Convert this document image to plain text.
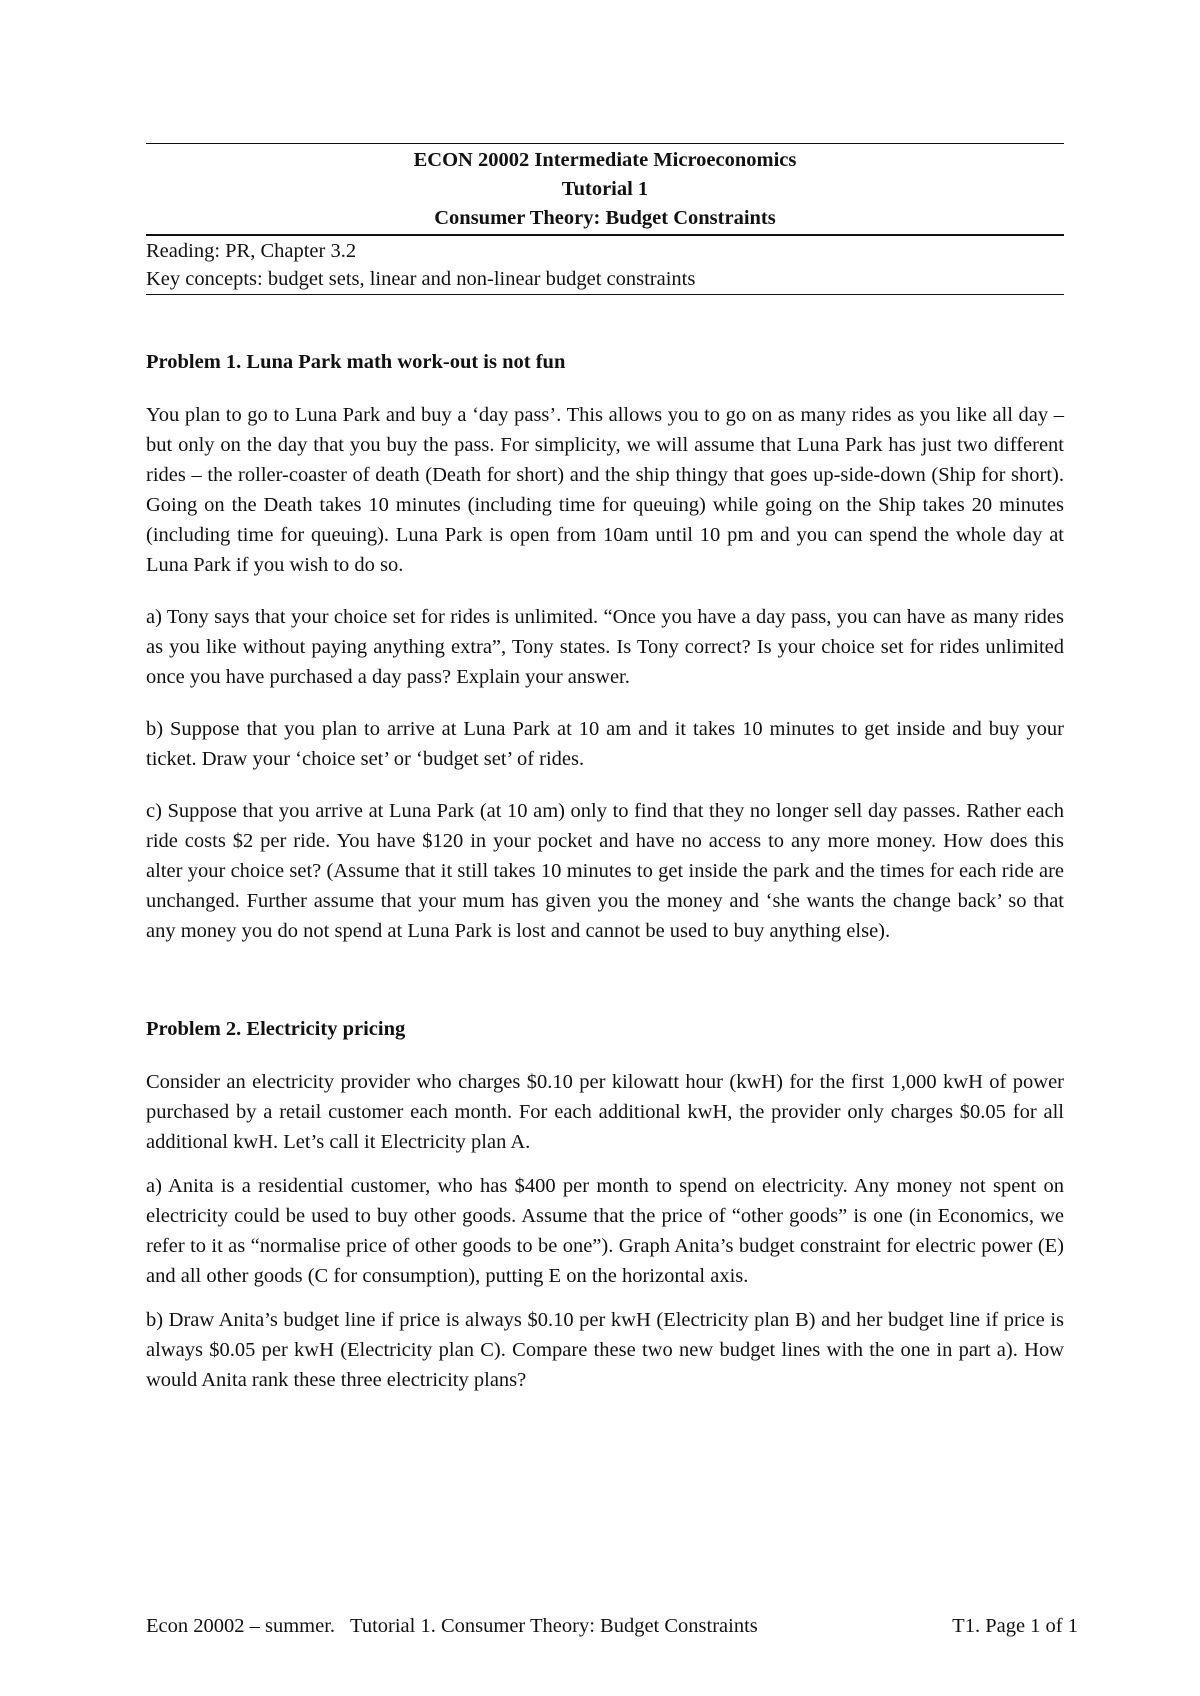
ECON 20002 Intermediate Microeconomics
Tutorial 1
Consumer Theory: Budget Constraints
Reading: PR, Chapter 3.2
Key concepts: budget sets, linear and non-linear budget constraints
Problem 1. Luna Park math work-out is not fun

You plan to go to Luna Park and buy a ‘day pass’. This allows you to go on as many rides as you like all day – but only on the day that you buy the pass. For simplicity, we will assume that Luna Park has just two different rides – the roller-coaster of death (Death for short) and the ship thingy that goes up-side-down (Ship for short). Going on the Death takes 10 minutes (including time for queuing) while going on the Ship takes 20 minutes (including time for queuing). Luna Park is open from 10am until 10 pm and you can spend the whole day at Luna Park if you wish to do so.

a) Tony says that your choice set for rides is unlimited. “Once you have a day pass, you can have as many rides as you like without paying anything extra”, Tony states. Is Tony correct? Is your choice set for rides unlimited once you have purchased a day pass? Explain your answer.

b) Suppose that you plan to arrive at Luna Park at 10 am and it takes 10 minutes to get inside and buy your ticket. Draw your ‘choice set’ or ‘budget set’ of rides.

c) Suppose that you arrive at Luna Park (at 10 am) only to find that they no longer sell day passes. Rather each ride costs $2 per ride. You have $120 in your pocket and have no access to any more money. How does this alter your choice set? (Assume that it still takes 10 minutes to get inside the park and the times for each ride are unchanged. Further assume that your mum has given you the money and ‘she wants the change back’ so that any money you do not spend at Luna Park is lost and cannot be used to buy anything else).

Problem 2. Electricity pricing

Consider an electricity provider who charges $0.10 per kilowatt hour (kwH) for the first 1,000 kwH of power purchased by a retail customer each month. For each additional kwH, the provider only charges $0.05 for all additional kwH. Let’s call it Electricity plan A.

a) Anita is a residential customer, who has $400 per month to spend on electricity. Any money not spent on electricity could be used to buy other goods. Assume that the price of “other goods” is one (in Economics, we refer to it as “normalise price of other goods to be one”). Graph Anita’s budget constraint for electric power (E) and all other goods (C for consumption), putting E on the horizontal axis.

b) Draw Anita’s budget line if price is always $0.10 per kwH (Electricity plan B) and her budget line if price is always $0.05 per kwH (Electricity plan C). Compare these two new budget lines with the one in part a). How would Anita rank these three electricity plans?

Econ 20002 – summer.   Tutorial 1. Consumer Theory: Budget Constraints	T1. Page 1 of 1
